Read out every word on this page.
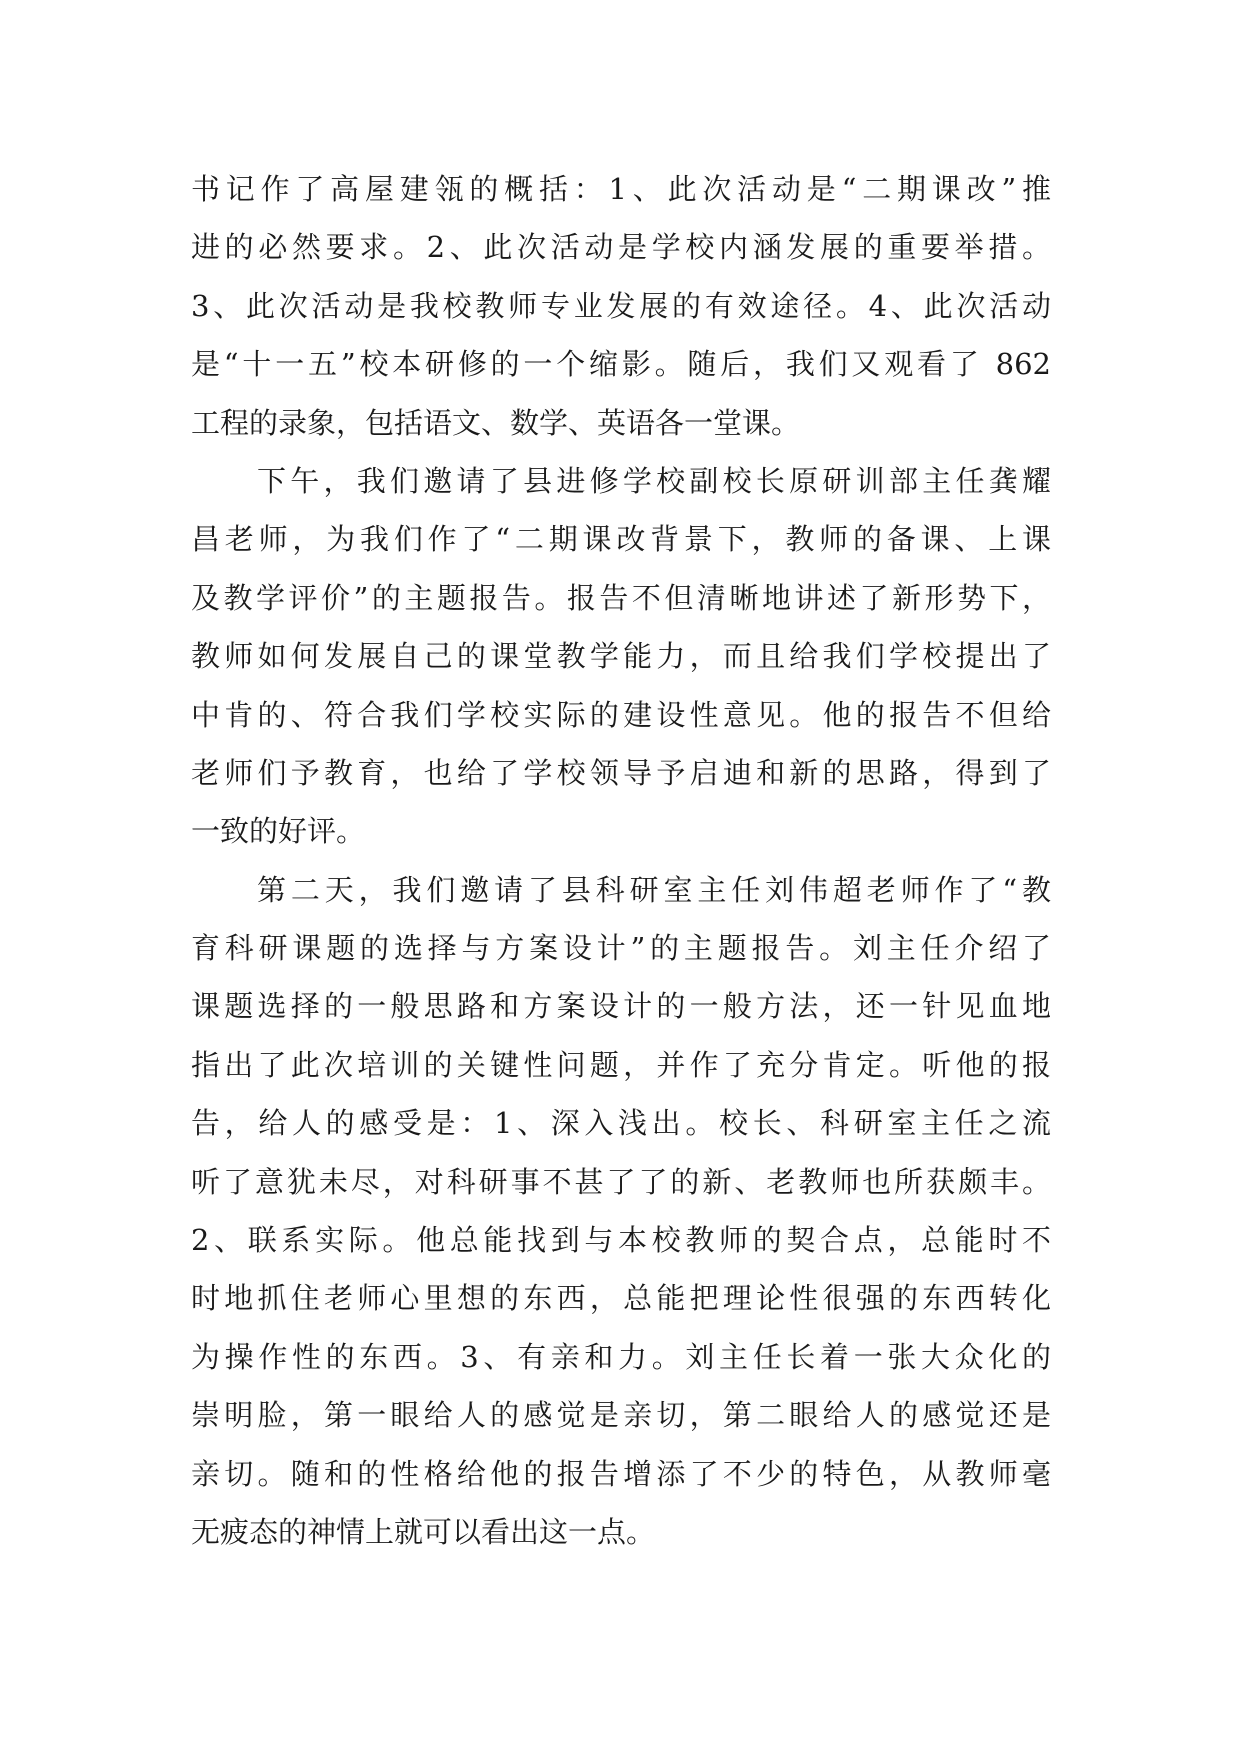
书记作了高屋建瓴的概括：1、此次活动是“二期课改”推
进的必然要求。2、此次活动是学校内涵发展的重要举措。
3、此次活动是我校教师专业发展的有效途径。4、此次活动
是“十一五”校本研修的一个缩影。随后，我们又观看了 862
工程的录象，包括语文、数学、英语各一堂课。
下午，我们邀请了县进修学校副校长原研训部主任龚耀
昌老师，为我们作了“二期课改背景下，教师的备课、上课
及教学评价”的主题报告。报告不但清晰地讲述了新形势下，
教师如何发展自己的课堂教学能力，而且给我们学校提出了
中肯的、符合我们学校实际的建设性意见。他的报告不但给
老师们予教育，也给了学校领导予启迪和新的思路，得到了
一致的好评。
第二天，我们邀请了县科研室主任刘伟超老师作了“教
育科研课题的选择与方案设计”的主题报告。刘主任介绍了
课题选择的一般思路和方案设计的一般方法，还一针见血地
指出了此次培训的关键性问题，并作了充分肯定。听他的报
告，给人的感受是：1、深入浅出。校长、科研室主任之流
听了意犹未尽，对科研事不甚了了的新、老教师也所获颇丰。
2、联系实际。他总能找到与本校教师的契合点，总能时不
时地抓住老师心里想的东西，总能把理论性很强的东西转化
为操作性的东西。3、有亲和力。刘主任长着一张大众化的
崇明脸，第一眼给人的感觉是亲切，第二眼给人的感觉还是
亲切。随和的性格给他的报告增添了不少的特色，从教师毫
无疲态的神情上就可以看出这一点。
